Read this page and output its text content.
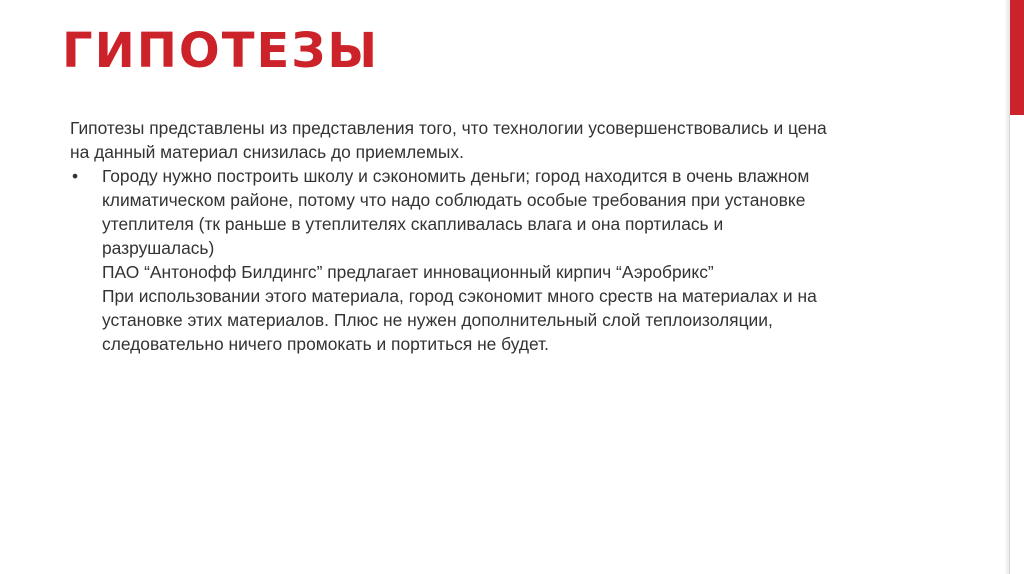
ГИПОТЕЗЫ

Гипотезы представлены из представления того, что технологии усовершенствовались и цена
на данный материал снизилась до приемлемых.

• Городу нужно построить школу и сэкономить деньги; город находится в очень влажном
климатическом районе, потому что надо соблюдать особые требования при установке
утеплителя (тк раньше в утеплителях скапливалась влага и она портилась и
разрушалась)
ПАО “Антонофф Билдингс” предлагает инновационный кирпич “Аэробрикс”
При использовании этого материала, город сэкономит много среств на материалах и на
установке этих материалов. Плюс не нужен дополнительный слой теплоизоляции,
следовательно ничего промокать и портиться не будет.
